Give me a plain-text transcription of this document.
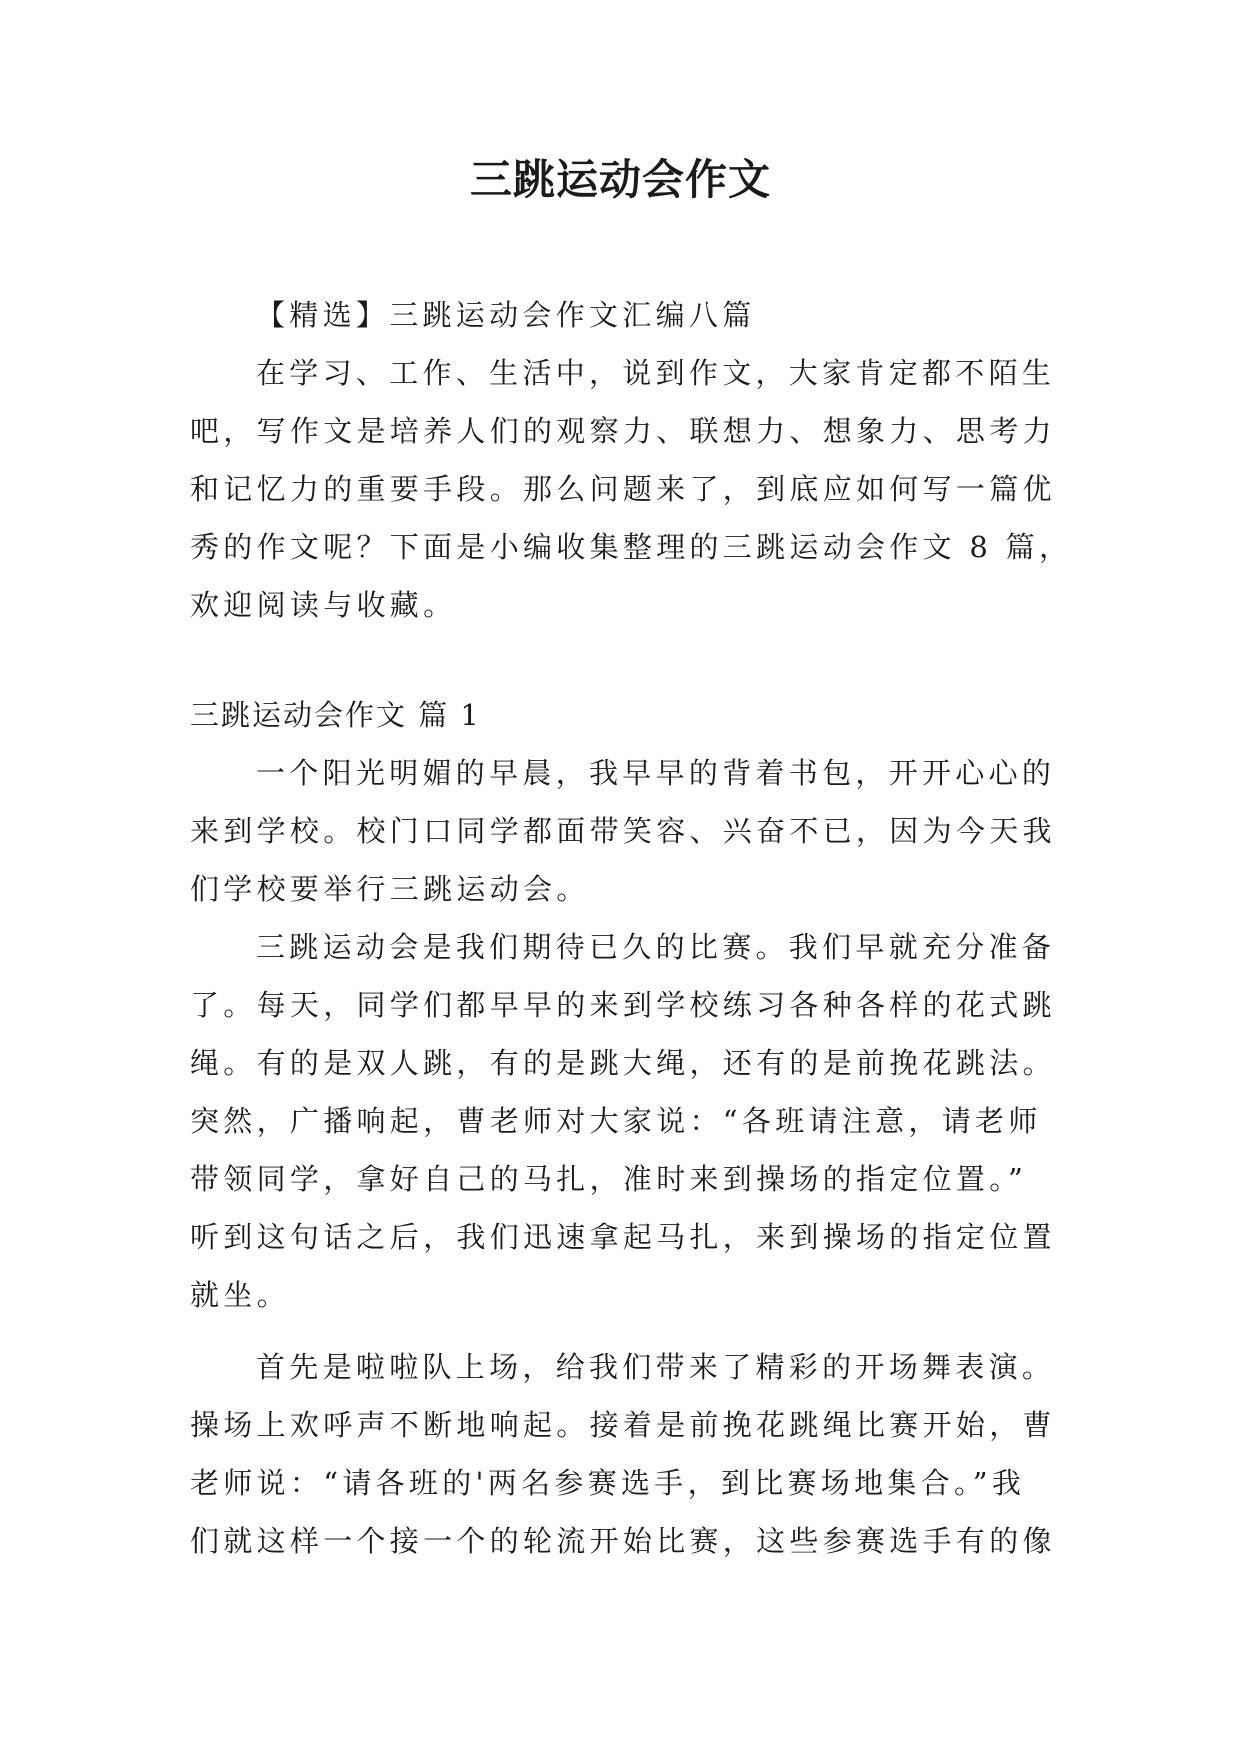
三跳运动会作文
【精选】三跳运动会作文汇编八篇
在学习、工作、生活中，说到作文，大家肯定都不陌生
吧，写作文是培养人们的观察力、联想力、想象力、思考力
和记忆力的重要手段。那么问题来了，到底应如何写一篇优
秀的作文呢？下面是小编收集整理的三跳运动会作文 8 篇，
欢迎阅读与收藏。
三跳运动会作文 篇 1
一个阳光明媚的早晨，我早早的背着书包，开开心心的
来到学校。校门口同学都面带笑容、兴奋不已，因为今天我
们学校要举行三跳运动会。
三跳运动会是我们期待已久的比赛。我们早就充分准备
了。每天，同学们都早早的来到学校练习各种各样的花式跳
绳。有的是双人跳，有的是跳大绳，还有的是前挽花跳法。
突然，广播响起，曹老师对大家说：“各班请注意，请老师
带领同学，拿好自己的马扎，准时来到操场的指定位置。”
听到这句话之后，我们迅速拿起马扎，来到操场的指定位置
就坐。
首先是啦啦队上场，给我们带来了精彩的开场舞表演。
操场上欢呼声不断地响起。接着是前挽花跳绳比赛开始，曹
老师说：“请各班的'两名参赛选手，到比赛场地集合。”我
们就这样一个接一个的轮流开始比赛，这些参赛选手有的像
